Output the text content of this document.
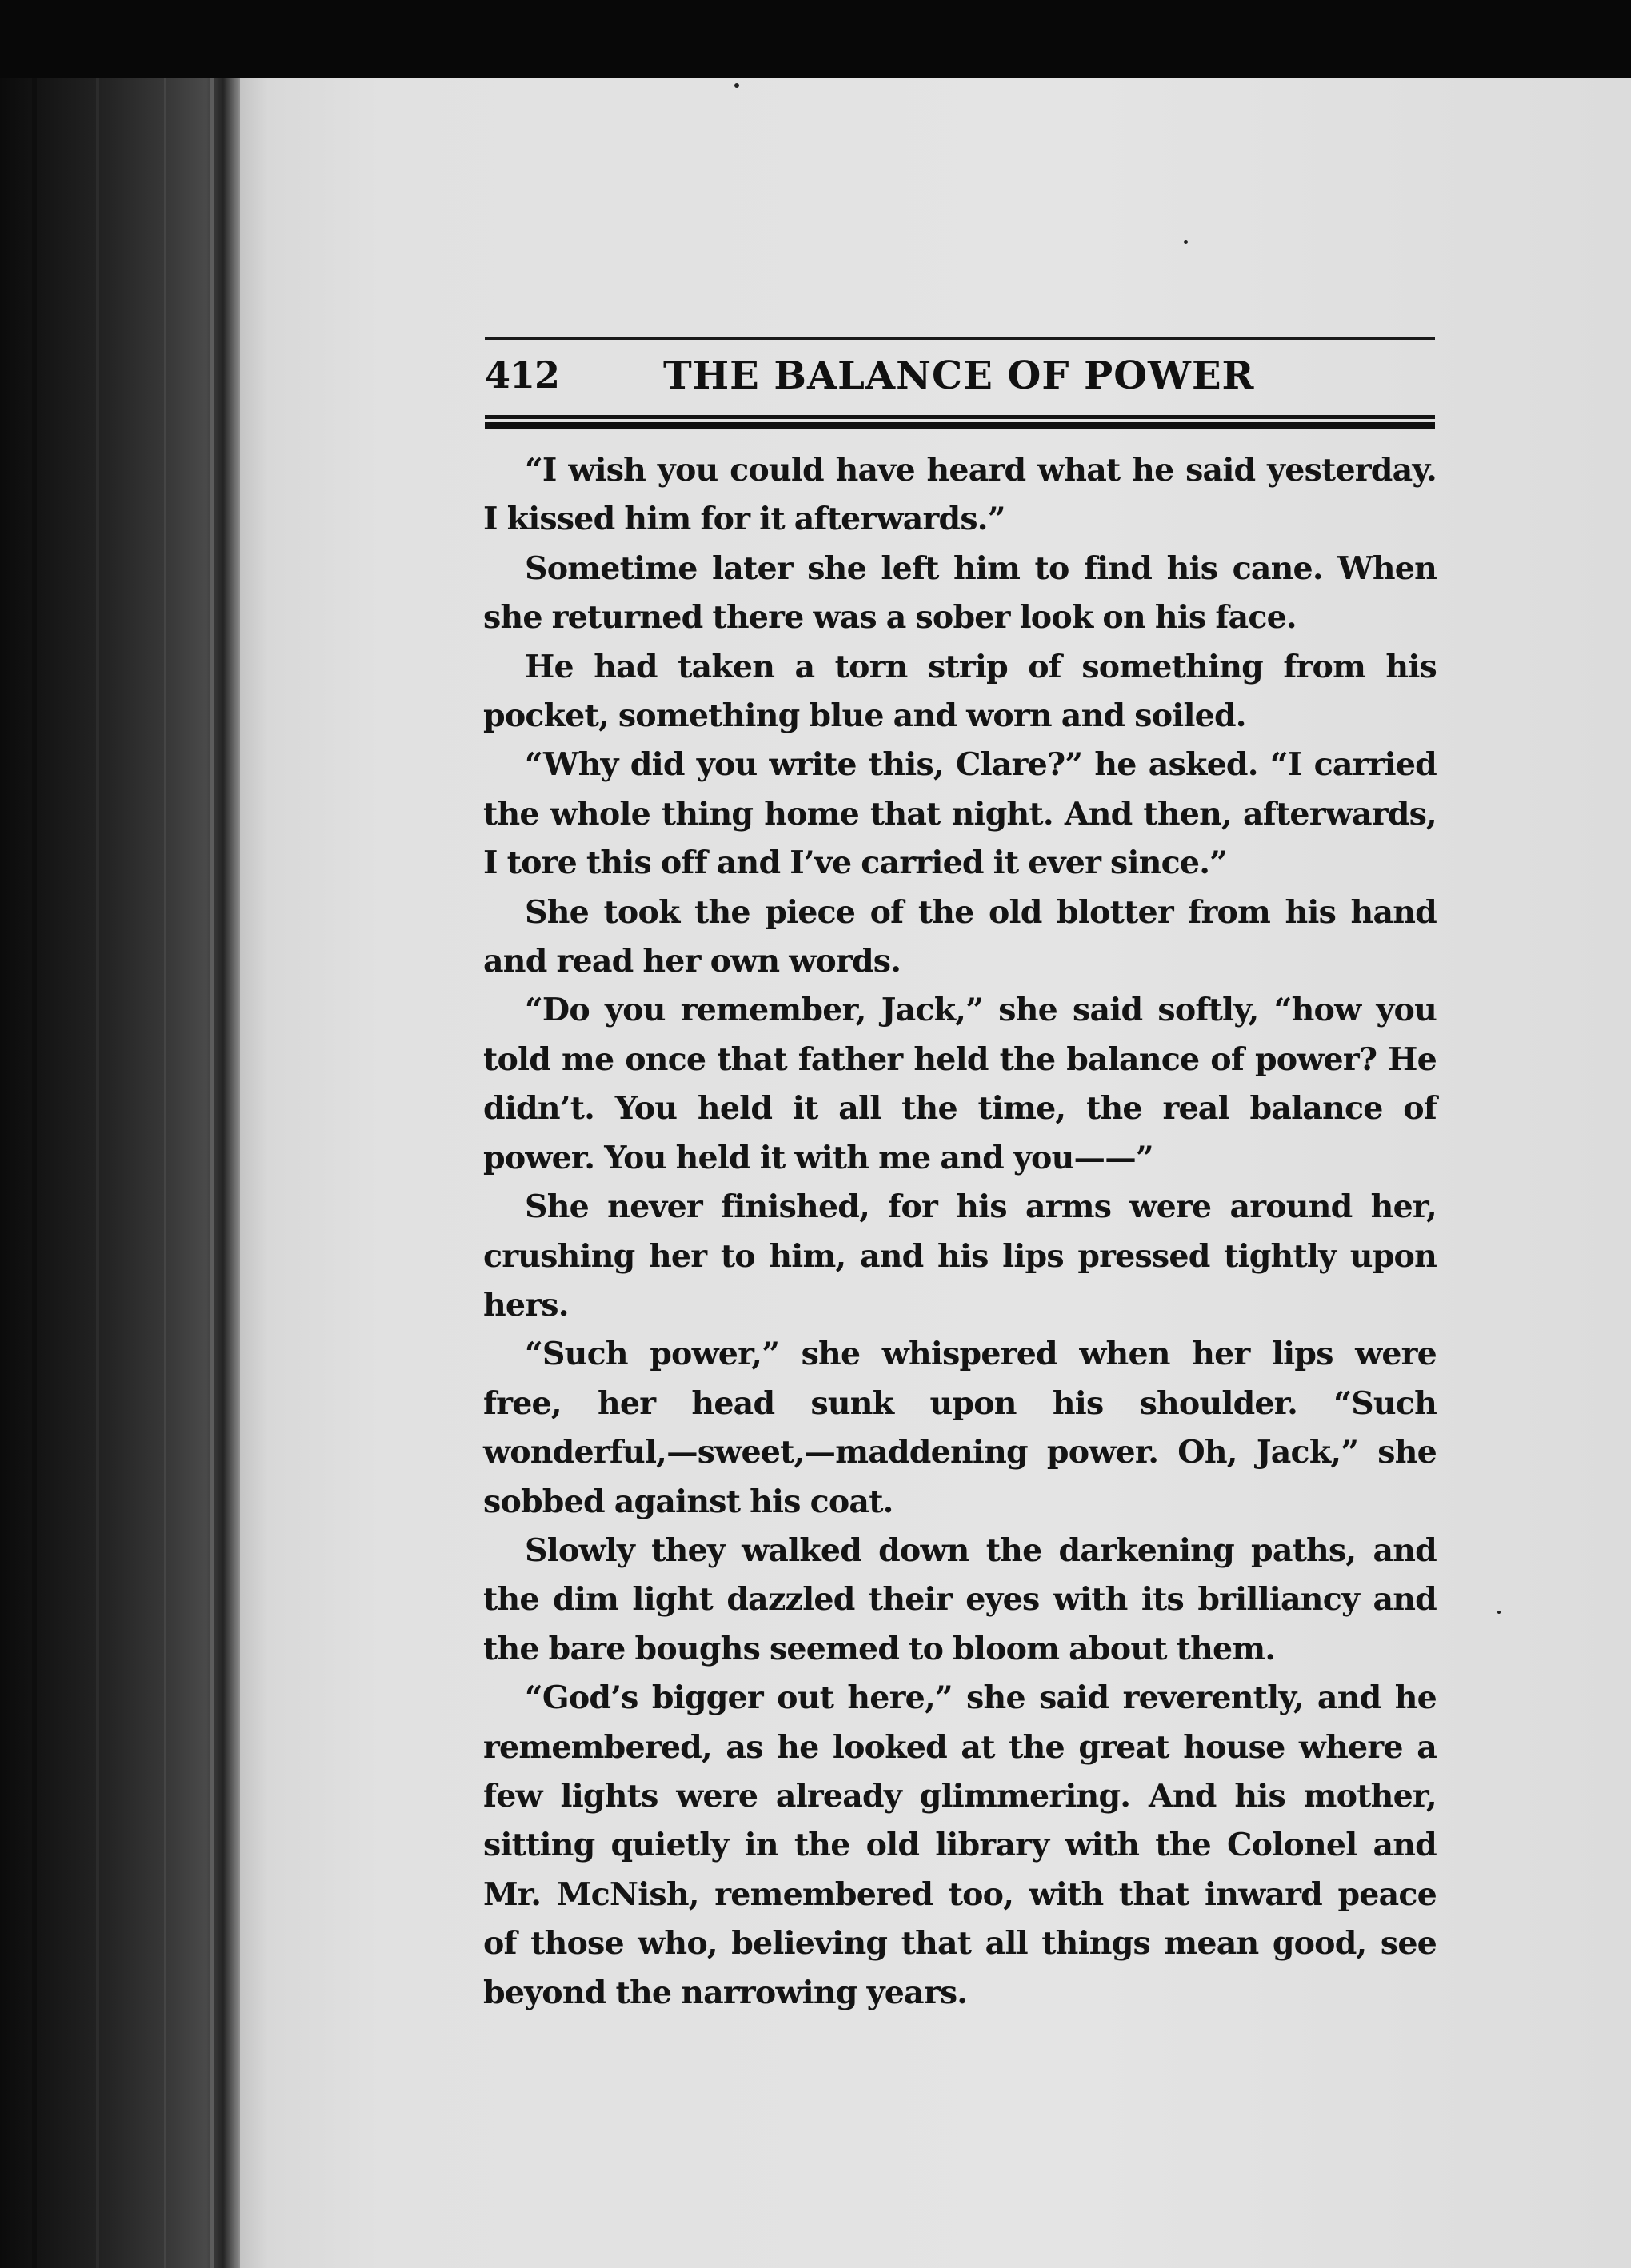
412	THE BALANCE OF POWER

“I wish you could have heard what he said yesterday. I kissed him for it afterwards.”

Sometime later she left him to find his cane. When she returned there was a sober look on his face.

He had taken a torn strip of something from his pocket, something blue and worn and soiled.

“Why did you write this, Clare?” he asked. “I carried the whole thing home that night. And then, afterwards, I tore this off and I’ve carried it ever since.”

She took the piece of the old blotter from his hand and read her own words.

“Do you remember, Jack,” she said softly, “how you told me once that father held the balance of power? He didn’t. You held it all the time, the real balance of power. You held it with me and you——”

She never finished, for his arms were around her, crushing her to him, and his lips pressed tightly upon hers.

“Such power,” she whispered when her lips were free, her head sunk upon his shoulder. “Such wonderful,—sweet,—maddening power. Oh, Jack,” she sobbed against his coat.

Slowly they walked down the darkening paths, and the dim light dazzled their eyes with its brilliancy and the bare boughs seemed to bloom about them.

“God’s bigger out here,” she said reverently, and he remembered, as he looked at the great house where a few lights were already glimmering. And his mother, sitting quietly in the old library with the Colonel and Mr. McNish, remembered too, with that inward peace of those who, believing that all things mean good, see beyond the narrowing years.
